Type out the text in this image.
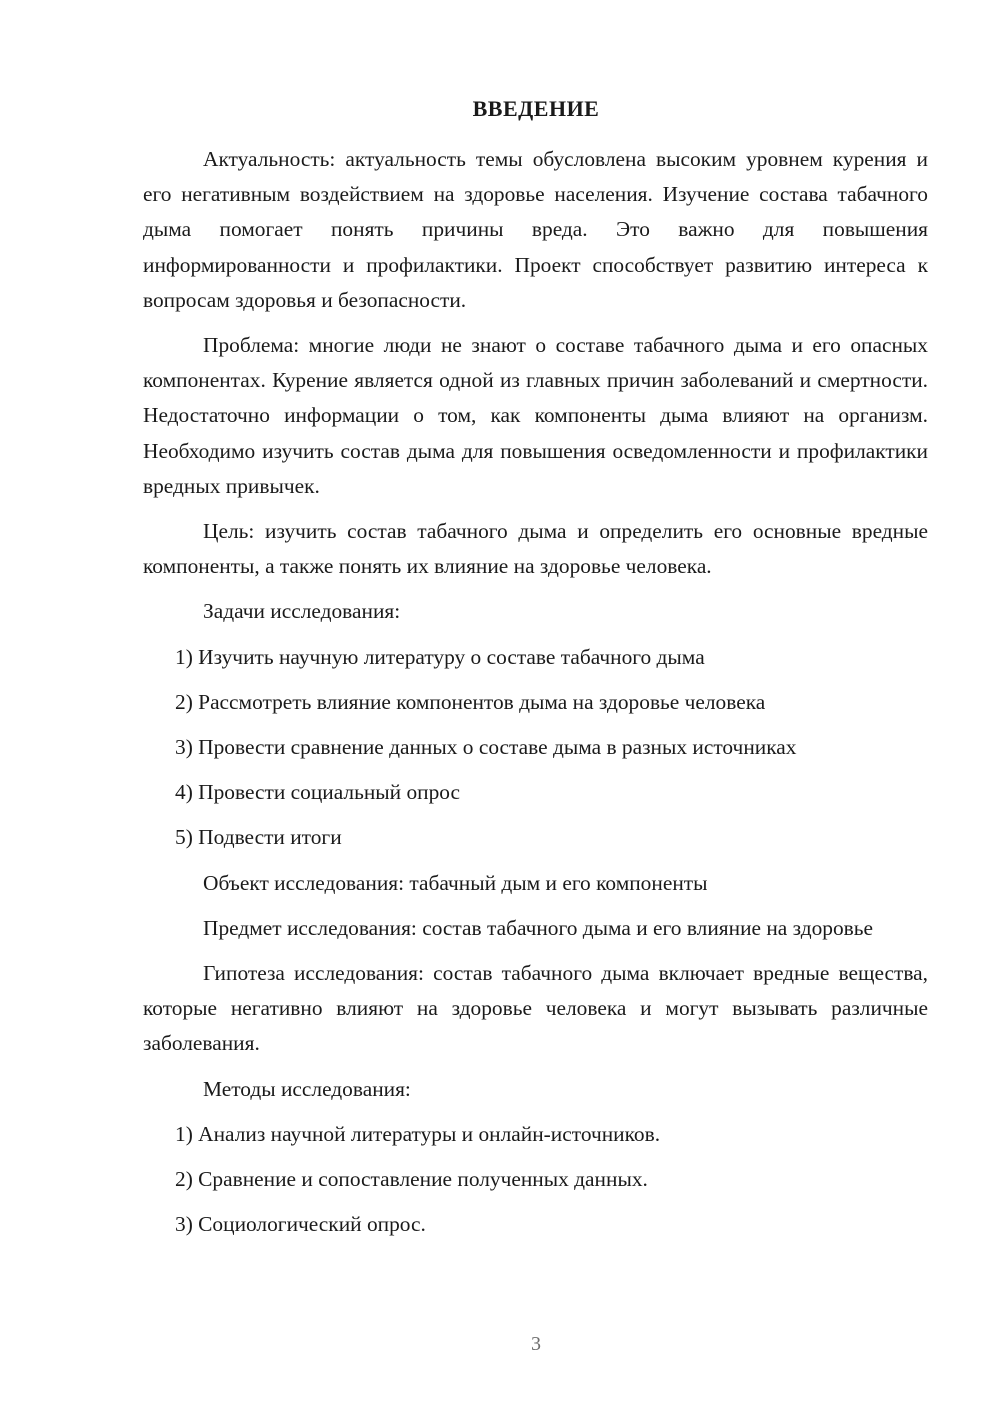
ВВЕДЕНИЕ

Актуальность: актуальность темы обусловлена высоким уровнем курения и его негативным воздействием на здоровье населения. Изучение состава табачного дыма помогает понять причины вреда. Это важно для повышения информированности и профилактики. Проект способствует развитию интереса к вопросам здоровья и безопасности.

Проблема: многие люди не знают о составе табачного дыма и его опасных компонентах. Курение является одной из главных причин заболеваний и смертности. Недостаточно информации о том, как компоненты дыма влияют на организм. Необходимо изучить состав дыма для повышения осведомленности и профилактики вредных привычек.

Цель: изучить состав табачного дыма и определить его основные вредные компоненты, а также понять их влияние на здоровье человека.

Задачи исследования:

1) Изучить научную литературу о составе табачного дыма

2) Рассмотреть влияние компонентов дыма на здоровье человека

3) Провести сравнение данных о составе дыма в разных источниках

4) Провести социальный опрос

5) Подвести итоги

Объект исследования: табачный дым и его компоненты

Предмет исследования: состав табачного дыма и его влияние на здоровье

Гипотеза исследования: состав табачного дыма включает вредные вещества, которые негативно влияют на здоровье человека и могут вызывать различные заболевания.

Методы исследования:

1) Анализ научной литературы и онлайн-источников.

2) Сравнение и сопоставление полученных данных.

3) Социологический опрос.

3
